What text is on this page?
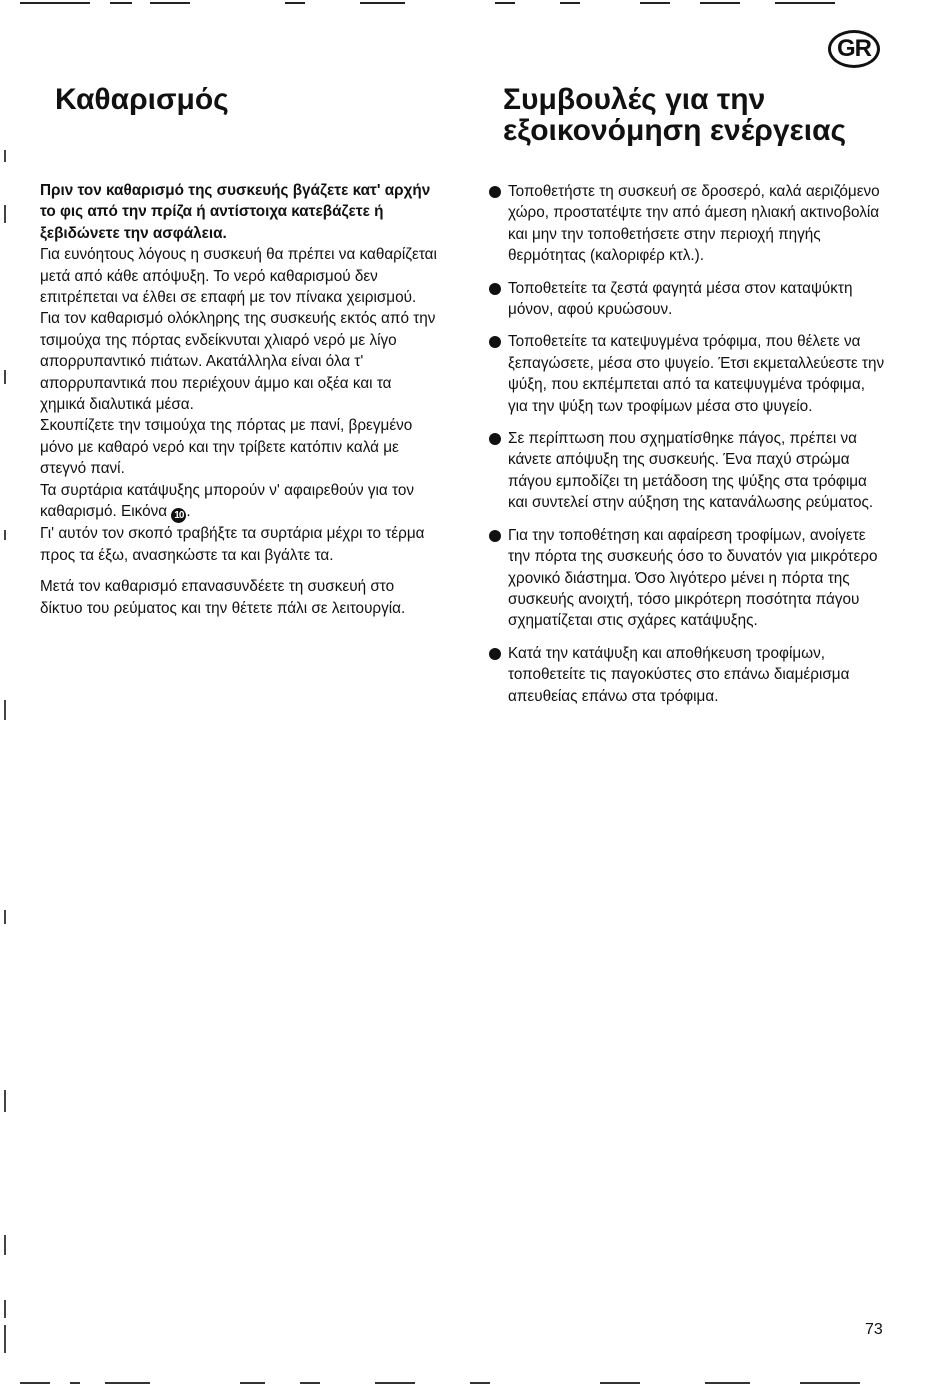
GR
Καθαρισμός

Πριν τον καθαρισμό της συσκευής βγάζετε κατ' αρχήν το φις από την πρίζα ή αντίστοιχα κατεβάζετε ή ξεβιδώνετε την ασφάλεια.

Για ευνόητους λόγους η συσκευή θα πρέπει να καθαρίζεται μετά από κάθε απόψυξη. Το νερό καθαρισμού δεν επιτρέπεται να έλθει σε επαφή με τον πίνακα χειρισμού. Για τον καθαρισμό ολόκληρης της συσκευής εκτός από την τσιμούχα της πόρτας ενδείκνυται χλιαρό νερό με λίγο απορρυπαντικό πιάτων. Ακατάλληλα είναι όλα τ' απορρυπαντικά που περιέχουν άμμο και οξέα και τα χημικά διαλυτικά μέσα.

Σκουπίζετε την τσιμούχα της πόρτας με πανί, βρεγμένο μόνο με καθαρό νερό και την τρίβετε κατόπιν καλά με στεγνό πανί.

Τα συρτάρια κατάψυξης μπορούν ν' αφαιρεθούν για τον καθαρισμό. Εικόνα 10 .

Γι' αυτόν τον σκοπό τραβήξτε τα συρτάρια μέχρι το τέρμα προς τα έξω, ανασηκώστε τα και βγάλτε τα.

Μετά τον καθαρισμό επανασυνδέετε τη συσκευή στο δίκτυο του ρεύματος και την θέτετε πάλι σε λειτουργία.

Συμβουλές για την
εξοικονόμηση ενέργειας

Τοποθετήστε τη συσκευή σε δροσερό, καλά αεριζόμενο χώρο, προστατέψτε την από άμεση ηλιακή ακτινοβολία και μην την τοποθετήσετε στην περιοχή πηγής θερμότητας (καλοριφέρ κτλ.).

Τοποθετείτε τα ζεστά φαγητά μέσα στον καταψύκτη μόνον, αφού κρυώσουν.

Τοποθετείτε τα κατεψυγμένα τρόφιμα, που θέλετε να ξεπαγώσετε, μέσα στο ψυγείο. Έτσι εκμεταλλεύεστε την ψύξη, που εκπέμπεται από τα κατεψυγμένα τρόφιμα, για την ψύξη των τροφίμων μέσα στο ψυγείο.

Σε περίπτωση που σχηματίσθηκε πάγος, πρέπει να κάνετε απόψυξη της συσκευής. Ένα παχύ στρώμα πάγου εμποδίζει τη μετάδοση της ψύξης στα τρόφιμα και συντελεί στην αύξηση της κατανάλωσης ρεύματος.

Για την τοποθέτηση και αφαίρεση τροφίμων, ανοίγετε την πόρτα της συσκευής όσο το δυνατόν για μικρότερο χρονικό διάστημα. Όσο λιγότερο μένει η πόρτα της συσκευής ανοιχτή, τόσο μικρότερη ποσότητα πάγου σχηματίζεται στις σχάρες κατάψυξης.

Κατά την κατάψυξη και αποθήκευση τροφίμων, τοποθετείτε τις παγοκύστες στο επάνω διαμέρισμα απευθείας επάνω στα τρόφιμα.

73
